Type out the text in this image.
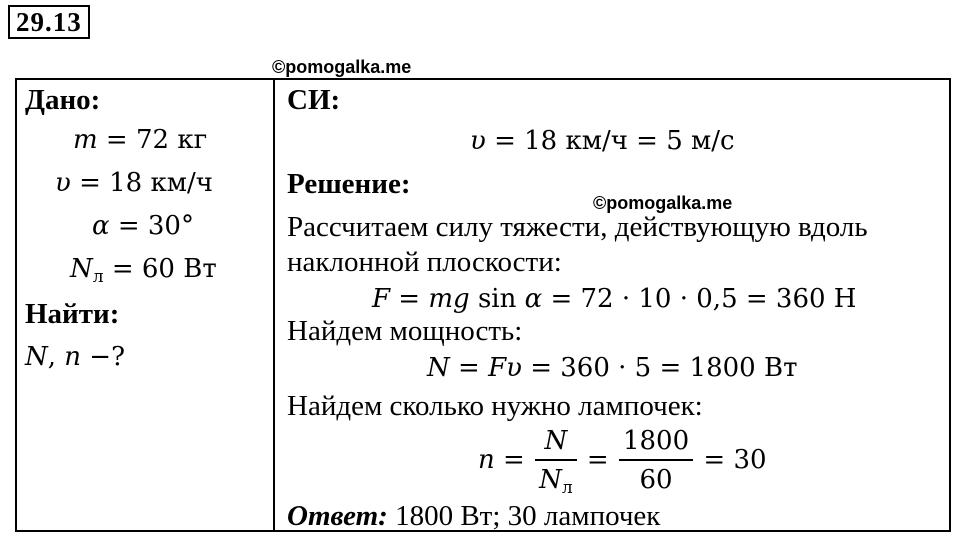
29.13
©pomogalka.me
Дано:
m = 72 кг
υ = 18 км/ч
α = 30°
$N_л = 60$ Вт
Найти:
N, n −?
СИ:
υ = 18 км/ч = 5 м/с
Решение:
©pomogalka.me
Рассчитаем силу тяжести, действующую вдоль
наклонной плоскости:
F = mg sin α = 72 · 10 · 0,5 = 360 Н
Найдем мощность:
N = Fυ = 360 · 5 = 1800 Вт
Найдем сколько нужно лампочек:
$n = \frac{N}{N_л} = \frac{1800}{60} = 30$
Ответ: 1800 Вт; 30 лампочек
